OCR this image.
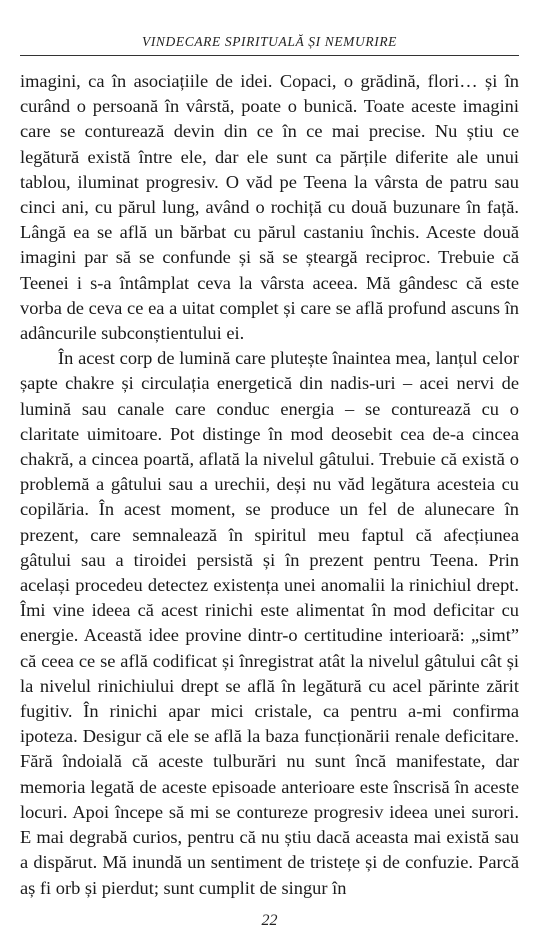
VINDECARE SPIRITUALĂ ȘI NEMURIRE

imagini, ca în asociațiile de idei. Copaci, o grădină, flori… și în curând o persoană în vârstă, poate o bunică. Toate aceste imagini care se conturează devin din ce în ce mai precise. Nu știu ce legătură există între ele, dar ele sunt ca părțile diferite ale unui tablou, iluminat progresiv. O văd pe Teena la vârsta de patru sau cinci ani, cu părul lung, având o rochiță cu două buzunare în față. Lângă ea se află un bărbat cu părul castaniu închis. Aceste două imagini par să se confunde și să se șteargă reciproc. Trebuie că Teenei i s-a întâmplat ceva la vârsta aceea. Mă gândesc că este vorba de ceva ce ea a uitat complet și care se află profund ascuns în adâncurile subconștientului ei.

În acest corp de lumină care plutește înaintea mea, lanțul celor șapte chakre și circulația energetică din nadis-uri – acei nervi de lumină sau canale care conduc energia – se conturează cu o claritate uimitoare. Pot distinge în mod deosebit cea de-a cincea chakră, a cincea poartă, aflată la nivelul gâtului. Trebuie că există o problemă a gâtului sau a urechii, deși nu văd legătura acesteia cu copilăria. În acest moment, se produce un fel de alunecare în prezent, care semnalează în spiritul meu faptul că afecțiunea gâtului sau a tiroidei persistă și în prezent pentru Teena. Prin același procedeu detectez existența unei anomalii la rinichiul drept. Îmi vine ideea că acest rinichi este alimentat în mod deficitar cu energie. Această idee provine dintr-o certitudine interioară: „simt” că ceea ce se află codificat și înregistrat atât la nivelul gâtului cât și la nivelul rinichiului drept se află în legătură cu acel părinte zărit fugitiv. În rinichi apar mici cristale, ca pentru a-mi confirma ipoteza. Desigur că ele se află la baza funcționării renale deficitare. Fără îndoială că aceste tulburări nu sunt încă manifestate, dar memoria legată de aceste episoade anterioare este înscrisă în aceste locuri. Apoi începe să mi se contureze progresiv ideea unei surori. E mai degrabă curios, pentru că nu știu dacă aceasta mai există sau a dispărut. Mă inundă un sentiment de tristețe și de confuzie. Parcă aș fi orb și pierdut; sunt cumplit de singur în

22
